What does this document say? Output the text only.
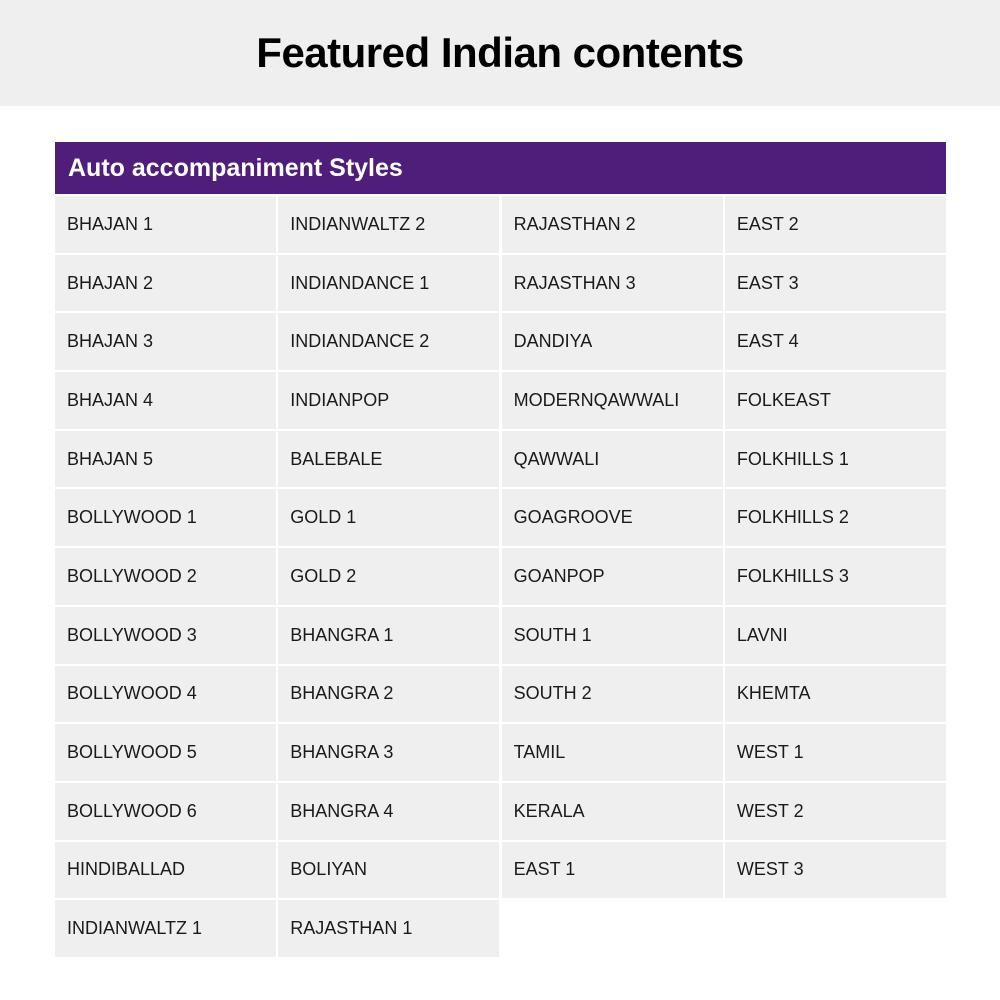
Featured Indian contents
Auto accompaniment Styles
BHAJAN 1	INDIANWALTZ 2	RAJASTHAN 2	EAST 2
BHAJAN 2	INDIANDANCE 1	RAJASTHAN 3	EAST 3
BHAJAN 3	INDIANDANCE 2	DANDIYA	EAST 4
BHAJAN 4	INDIANPOP	MODERNQAWWALI	FOLKEAST
BHAJAN 5	BALEBALE	QAWWALI	FOLKHILLS 1
BOLLYWOOD 1	GOLD 1	GOAGROOVE	FOLKHILLS 2
BOLLYWOOD 2	GOLD 2	GOANPOP	FOLKHILLS 3
BOLLYWOOD 3	BHANGRA 1	SOUTH 1	LAVNI
BOLLYWOOD 4	BHANGRA 2	SOUTH 2	KHEMTA
BOLLYWOOD 5	BHANGRA 3	TAMIL	WEST 1
BOLLYWOOD 6	BHANGRA 4	KERALA	WEST 2
HINDIBALLAD	BOLIYAN	EAST 1	WEST 3
INDIANWALTZ 1	RAJASTHAN 1
